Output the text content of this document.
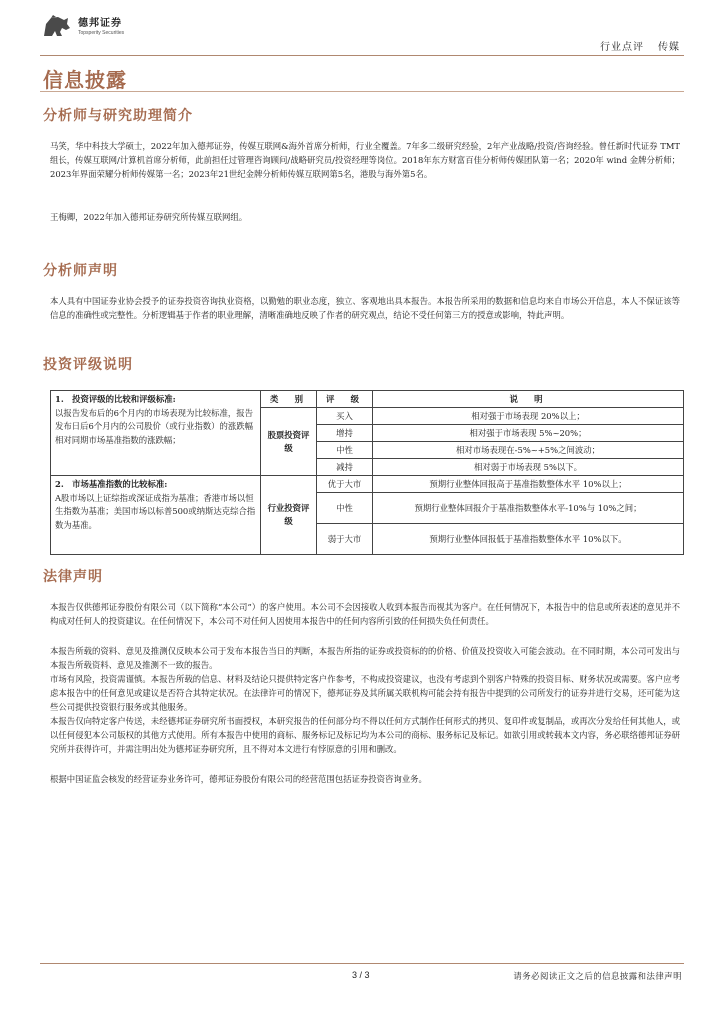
德邦证券
Topsperity Securities
行业点评 传媒
信息披露
分析师与研究助理简介

马笑，华中科技大学硕士，2022年加入德邦证券，传媒互联网&海外首席分析师，行业全覆盖。7年多二级研究经验，2年产业战略/投资/咨询经验。曾任新时代证券 TMT 组长，传媒互联网/计算机首席分析师，此前担任过管理咨询顾问/战略研究员/投资经理等岗位。2018年东方财富百佳分析师传媒团队第一名；2020年 wind 金牌分析师；2023年界面荣耀分析师传媒第一名；2023年21世纪金牌分析师传媒互联网第5名，港股与海外第5名。

王梅卿，2022年加入德邦证券研究所传媒互联网组。

分析师声明

本人具有中国证券业协会授予的证券投资咨询执业资格，以勤勉的职业态度，独立、客观地出具本报告。本报告所采用的数据和信息均来自市场公开信息，本人不保证该等信息的准确性或完整性。分析逻辑基于作者的职业理解，清晰准确地反映了作者的研究观点，结论不受任何第三方的授意或影响，特此声明。

投资评级说明
1.　投资评级的比较和评级标准:
以报告发布后的6个月内的市场表现为比较标准，报告发布日后6个月内的公司股价（或行业指数）的涨跌幅相对同期市场基准指数的涨跌幅；	类　别	评　级	说　明
	股票投资评级	买入	相对强于市场表现 20%以上；
		增持	相对强于市场表现 5%~20%；
		中性	相对市场表现在-5%~+5%之间波动；
		减持	相对弱于市场表现 5%以下。

2.　市场基准指数的比较标准:
A股市场以上证综指或深证成指为基准；香港市场以恒生指数为基准；美国市场以标普500或纳斯达克综合指数为基准。	行业投资评级	优于大市	预期行业整体回报高于基准指数整体水平 10%以上；
		中性	预期行业整体回报介于基准指数整体水平-10%与 10%之间；
		弱于大市	预期行业整体回报低于基准指数整体水平 10%以下。
法律声明

本报告仅供德邦证券股份有限公司（以下简称“本公司”）的客户使用。本公司不会因接收人收到本报告而视其为客户。在任何情况下，本报告中的信息或所表述的意见并不构成对任何人的投资建议。在任何情况下，本公司不对任何人因使用本报告中的任何内容所引致的任何损失负任何责任。

本报告所载的资料、意见及推测仅反映本公司于发布本报告当日的判断，本报告所指的证券或投资标的的价格、价值及投资收入可能会波动。在不同时期，本公司可发出与本报告所载资料、意见及推测不一致的报告。

市场有风险，投资需谨慎。本报告所载的信息、材料及结论只提供特定客户作参考，不构成投资建议，也没有考虑到个别客户特殊的投资目标、财务状况或需要。客户应考虑本报告中的任何意见或建议是否符合其特定状况。在法律许可的情况下，德邦证券及其所属关联机构可能会持有报告中提到的公司所发行的证券并进行交易，还可能为这些公司提供投资银行服务或其他服务。

本报告仅向特定客户传送，未经德邦证券研究所书面授权，本研究报告的任何部分均不得以任何方式制作任何形式的拷贝、复印件或复制品，或再次分发给任何其他人，或以任何侵犯本公司版权的其他方式使用。所有本报告中使用的商标、服务标记及标记均为本公司的商标、服务标记及标记。如欲引用或转载本文内容，务必联络德邦证券研究所并获得许可，并需注明出处为德邦证券研究所，且不得对本文进行有悖原意的引用和删改。

根据中国证监会核发的经营证券业务许可，德邦证券股份有限公司的经营范围包括证券投资咨询业务。

3 / 3	请务必阅读正文之后的信息披露和法律声明
